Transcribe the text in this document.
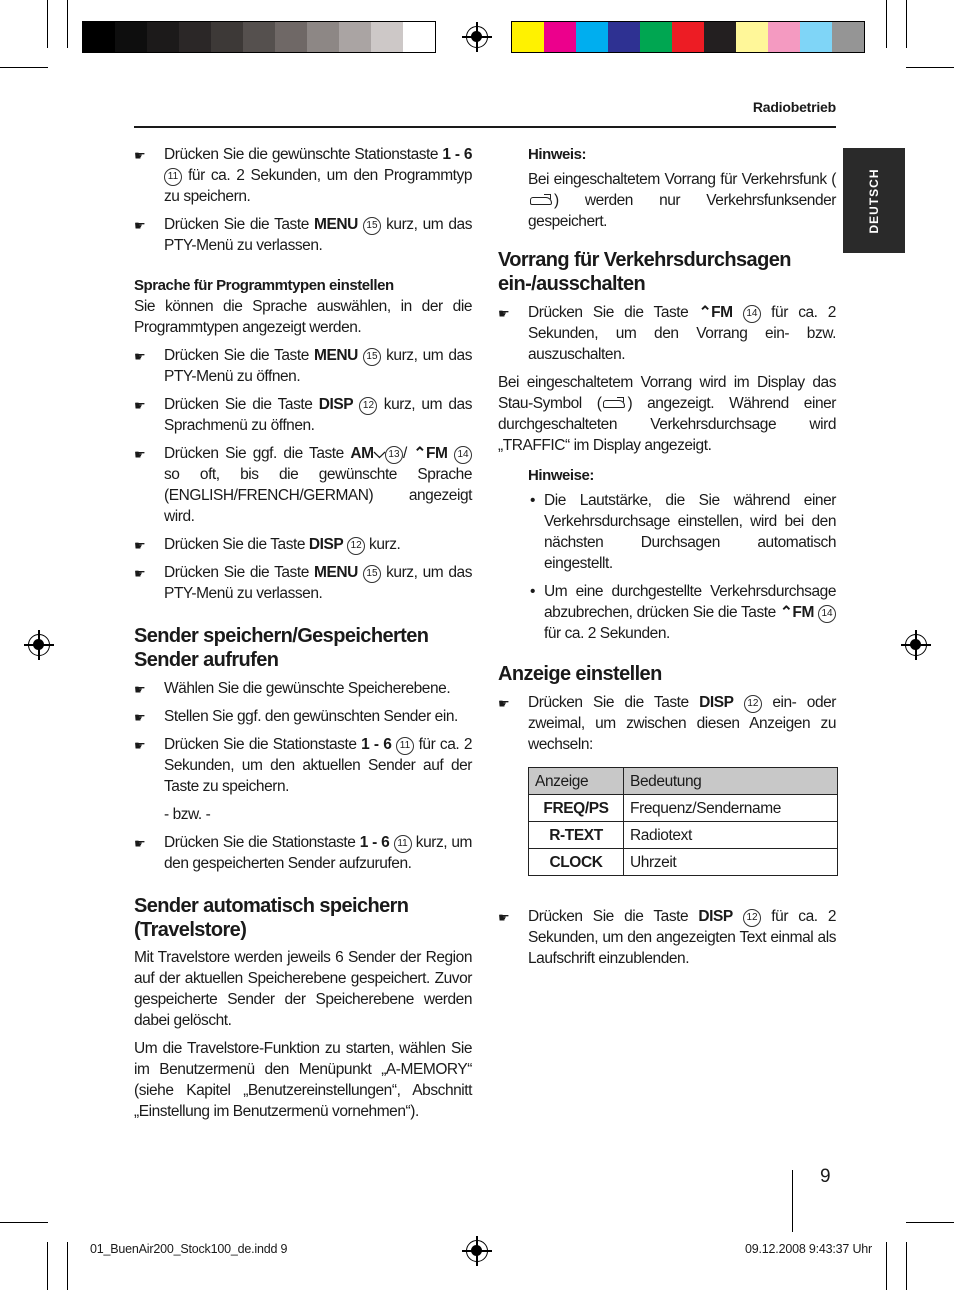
Radiobetrieb
DEUTSCH
☛ Drücken Sie die gewünschte Stationstaste 1 - 6 11 für ca. 2 Sekunden, um den Programmtyp zu speichern.
☛ Drücken Sie die Taste MENU 15 kurz, um das PTY-Menü zu verlassen.

Sprache für Programmtypen einstellen

Sie können die Sprache auswählen, in der die Programmtypen angezeigt werden.

☛ Drücken Sie die Taste MENU 15 kurz, um das PTY-Menü zu öffnen.
☛ Drücken Sie die Taste DISP 12 kurz, um das Sprachmenü zu öffnen.
☛ Drücken Sie ggf. die Taste AM⌵ 13 / ⌃FM 14 so oft, bis die gewünschte Sprache (ENGLISH/FRENCH/GERMAN) angezeigt wird.
☛ Drücken Sie die Taste DISP 12 kurz.
☛ Drücken Sie die Taste MENU 15 kurz, um das PTY-Menü zu verlassen.
Sender speichern/Gespeicherten Sender aufrufen
☛ Wählen Sie die gewünschte Speicherebene.
☛ Stellen Sie ggf. den gewünschten Sender ein.
☛ Drücken Sie die Stationstaste 1 - 6 11 für ca. 2 Sekunden, um den aktuellen Sender auf der Taste zu speichern.

- bzw. -

☛ Drücken Sie die Stationstaste 1 - 6 11 kurz, um den gespeicherten Sender aufzurufen.
Sender automatisch speichern (Travelstore)

Mit Travelstore werden jeweils 6 Sender der Region auf der aktuellen Speicherebene gespeichert. Zuvor gespeicherte Sender der Speicherebene werden dabei gelöscht.

Um die Travelstore-Funktion zu starten, wählen Sie im Benutzermenü den Menüpunkt „A-MEMORY“ (siehe Kapitel „Benutzereinstellungen“, Abschnitt „Einstellung im Benutzermenü vornehmen“).

Hinweis:

Bei eingeschaltetem Vorrang für Verkehrsfunk () werden nur Verkehrsfunksender gespeichert.

Vorrang für Verkehrsdurchsagen ein-/ausschalten
☛ Drücken Sie die Taste ⌃FM 14 für ca. 2 Sekunden, um den Vorrang ein- bzw. auszuschalten.

Bei eingeschaltetem Vorrang wird im Display das Stau-Symbol ( ) angezeigt. Während einer durchgeschalteten Verkehrsdurchsage wird „TRAFFIC“ im Display angezeigt.

Hinweise:

• Die Lautstärke, die Sie während einer Verkehrsdurchsage einstellen, wird bei den nächsten Durchsagen automatisch eingestellt.
• Um eine durchgestellte Verkehrsdurchsage abzubrechen, drücken Sie die Taste ⌃FM 14 für ca. 2 Sekunden.
Anzeige einstellen
☛ Drücken Sie die Taste DISP 12 ein- oder zweimal, um zwischen diesen Anzeigen zu wechseln:
Anzeige	Bedeutung
FREQ/PS	Frequenz/Sendername
R-TEXT	Radiotext
CLOCK	Uhrzeit
☛ Drücken Sie die Taste DISP 12 für ca. 2 Sekunden, um den angezeigten Text einmal als Laufschrift einzublenden.
9
01_BuenAir200_Stock100_de.indd 9	09.12.2008 9:43:37 Uhr
